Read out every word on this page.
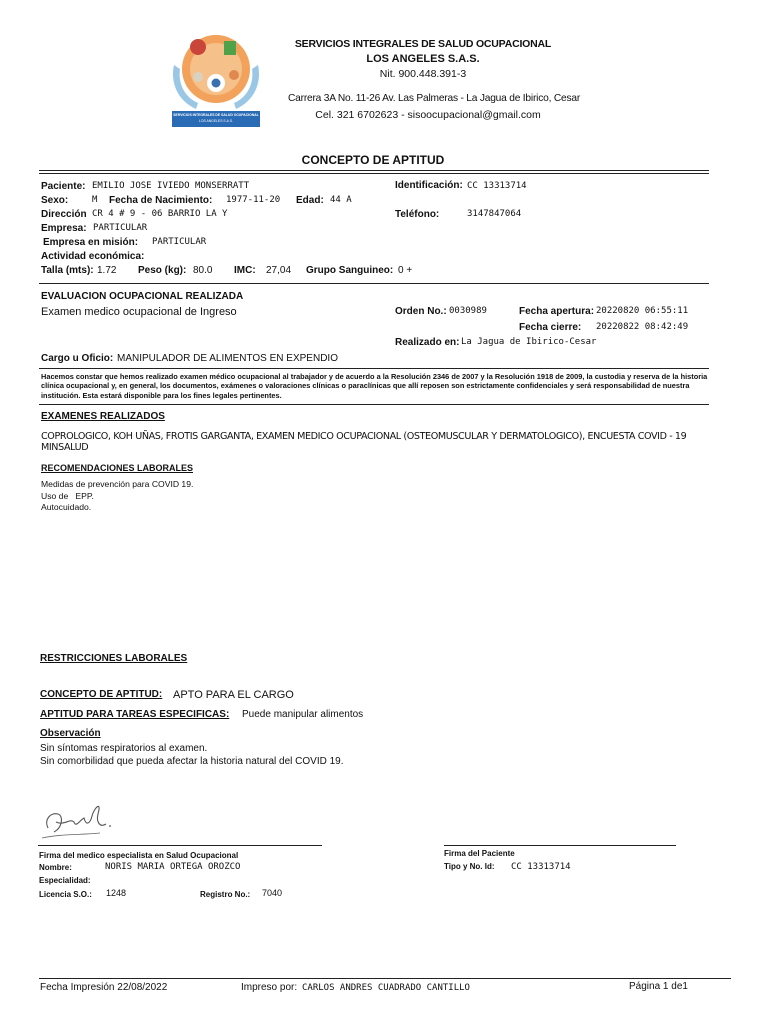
SERVICIOS INTEGRALES DE SALUD OCUPACIONAL
LOS ANGELES S.A.S.
SERVICIOS INTEGRALES DE SALUD OCUPACIONAL
LOS ANGELES S.A.S.
Nit. 900.448.391-3
Carrera 3A No. 11-26 Av. Las Palmeras - La Jagua de Ibirico, Cesar
Cel. 321 6702623 - sisoocupacional@gmail.com
CONCEPTO DE APTITUD
Paciente: EMILIO JOSE IVIEDO MONSERRATT	Identificación: CC 13313714
Sexo:	M Fecha de Nacimiento: 1977-11-20 Edad: 44 A
Dirección CR 4 # 9 - 06 BARRIO LA Y	Teléfono:	3147847064
Empresa: PARTICULAR
Empresa en misión: PARTICULAR
Actividad económica:
Talla (mts): 1.72 Peso (kg): 80.0 IMC: 27,04 Grupo Sanguineo: 0 +
EVALUACION OCUPACIONAL REALIZADA
Examen medico ocupacional de Ingreso	Orden No.: 0030989	Fecha apertura: 20220820 06:55:11
Fecha cierre: 20220822 08:42:49
Realizado en: La Jagua de Ibirico-Cesar
Cargo u Oficio: MANIPULADOR DE ALIMENTOS EN EXPENDIO
Hacemos constar que hemos realizado examen médico ocupacional al trabajador y de acuerdo a la Resolución 2346 de 2007 y la Resolución 1918 de 2009, la custodia y reserva de la historia clínica ocupacional y, en general, los documentos, exámenes o valoraciones clínicas o paraclínicas que allí reposen son estrictamente confidenciales y será responsabilidad de nuestra institución. Esta estará disponible para los fines legales pertinentes.
EXAMENES REALIZADOS
COPROLOGICO, KOH UÑAS, FROTIS GARGANTA, EXAMEN MEDICO OCUPACIONAL (OSTEOMUSCULAR Y DERMATOLOGICO), ENCUESTA COVID - 19 MINSALUD
RECOMENDACIONES LABORALES
Medidas de prevención para COVID 19.
Uso de   EPP.
Autocuidado.
RESTRICCIONES LABORALES
CONCEPTO DE APTITUD: APTO PARA EL CARGO
APTITUD PARA TAREAS ESPECIFICAS: Puede manipular alimentos
Observación
Sin síntomas respiratorios al examen.
Sin comorbilidad que pueda afectar la historia natural del COVID 19.
Firma del medico especialista en Salud Ocupacional
Nombre:	NORIS MARIA ORTEGA OROZCO
Especialidad:
Licencia S.O.: 1248	Registro No.: 7040
Firma del Paciente
Tipo y No. Id: CC 13313714
Fecha Impresión 22/08/2022	Impreso por: CARLOS ANDRES CUADRADO CANTILLO	Página 1 de1
